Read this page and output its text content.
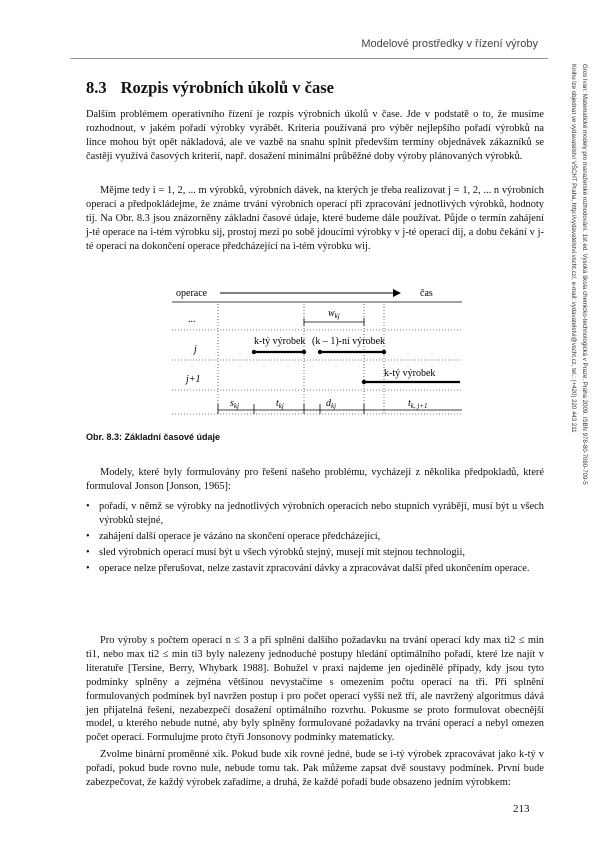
Modelové prostředky v řízení výroby
Gros Ivan: Matematické modely pro manažerské rozhodování. 1st ed. Vysoká škola chemicko-technologická v Praze, Praha 2009. ISBN 978-80-7080-709-5
Knihu lze objednat ve vydavatelství VŠCHT Praha, http://vydavatelstvi.vscht.cz/, e-mail: vydavatelstvi@vscht.cz, tel.: (+420) 220 443 211
8.3 Rozpis výrobních úkolů v čase

Dalším problémem operativního řízení je rozpis výrobních úkolů v čase. Jde v podstatě o to, že musíme rozhodnout, v jakém pořadí výrobky vyrábět. Kriteria používaná pro výběr nejlepšího pořadí výrobků na lince mohou být opět nákladová, ale ve vazbě na snahu splnit především termíny objednávek zákazníků se častěji využívá časových kriterií, např. dosažení minimální průběžné doby výroby plánovaných výrobků.

Mějme tedy i = 1, 2, ... m výrobků, výrobních dávek, na kterých je třeba realizovat j = 1, 2, ... n výrobních operací a předpokládejme, že známe trvání výrobních operací při zpracování jednotlivých výrobků, hodnoty tij. Na Obr. 8.3 jsou znázorněny základní časové údaje, které budeme dále používat. Půjde o termín zahájení j-té operace na i-tém výrobku sij, prostoj mezi po sobě jdoucími výrobky v j-té operaci dij, a dobu čekání v j-té operaci na dokončení operace předcházející na i-tém výrobku wij.

operace	čas
...
j
j+1
$w_{kj}$
k-tý výrobek (k – 1)-ní výrobek
k-tý výrobek
$s_{kj}$	$t_{kj}$	$d_{kj}$	$t_{k, j+1}$
Obr. 8.3: Základní časové údaje
Modely, které byly formulovány pro řešení našeho problému, vycházejí z několika předpokladů, které formuloval Jonson [Jonson, 1965]:
• pořadí, v němž se výrobky na jednotlivých výrobních operacích nebo stupních vyrábějí, musí být u všech výrobků stejné,
• zahájení další operace je vázáno na skončení operace předcházející,
• sled výrobních operací musí být u všech výrobků stejný, musejí mít stejnou technologii,
• operace nelze přerušovat, nelze zastavit zpracování dávky a zpracovávat další před ukončením operace.
Pro výroby s počtem operací n ≤ 3 a při splnění dalšího požadavku na trvání operací kdy max ti2 ≤ min ti1, nebo max ti2 ≤ min ti3 byly nalezeny jednoduché postupy hledání optimálního pořadí, které lze najít v literatuře [Tersine, Berry, Whybark 1988]. Bohužel v praxi najdeme jen ojedinělé případy, kdy jsou tyto podmínky splněny a zejména většinou nevystačíme s omezením počtu operací na tři. Při splnění formulovaných podmínek byl navržen postup i pro počet operací vyšší než tři, ale navržený algoritmus dává jen přijatelná řešení, nezabezpečí dosažení optimálního rozvrhu. Pokusme se proto formulovat obecnější model, u kterého nebude nutné, aby byly splněny formulované požadavky na trvání operací a nebyl omezen počet operací. Formulujme proto čtyři Jonsonovy podmínky matematicky.
Zvolme binární proměnné xik. Pokud bude xik rovné jedné, bude se i-tý výrobek zpracovávat jako k-tý v pořadí, pokud bude rovno nule, nebude tomu tak. Pak můžeme zapsat dvě soustavy podmínek. První bude zabezpečovat, že každý výrobek zařadíme, a druhá, že každé pořadí bude obsazeno jedním výrobkem:
213
